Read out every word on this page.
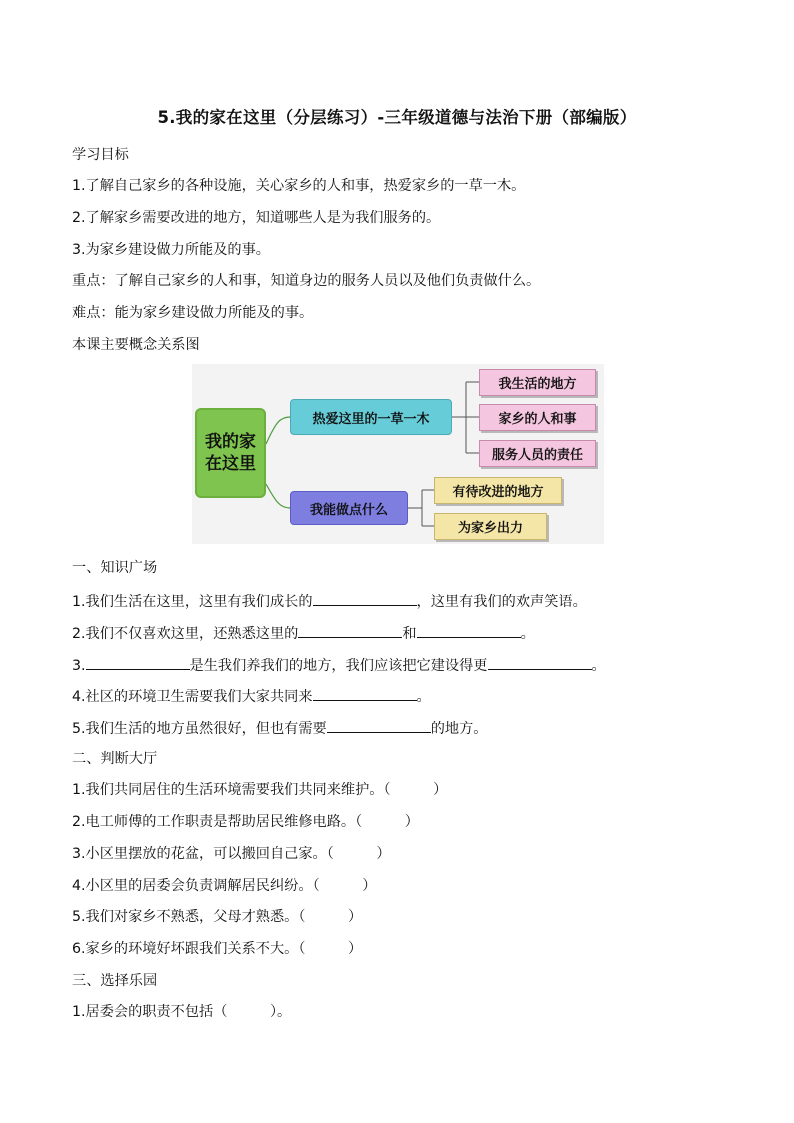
5.我的家在这里（分层练习）-三年级道德与法治下册（部编版）
学习目标
1.了解自己家乡的各种设施，关心家乡的人和事，热爱家乡的一草一木。
2.了解家乡需要改进的地方，知道哪些人是为我们服务的。
3.为家乡建设做力所能及的事。
重点：了解自己家乡的人和事，知道身边的服务人员以及他们负责做什么。
难点：能为家乡建设做力所能及的事。
本课主要概念关系图
我的家在这里
热爱这里的一草一木
我能做点什么
我生活的地方
家乡的人和事
服务人员的责任
有待改进的地方
为家乡出力
一、知识广场
1.我们生活在这里，这里有我们成长的	，这里有我们的欢声笑语。
2.我们不仅喜欢这里，还熟悉这里的	和	。
3.	是生我们养我们的地方，我们应该把它建设得更	。
4.社区的环境卫生需要我们大家共同来	。
5.我们生活的地方虽然很好，但也有需要	的地方。
二、判断大厅
1.我们共同居住的生活环境需要我们共同来维护。（　　　）
2.电工师傅的工作职责是帮助居民维修电路。（　　　）
3.小区里摆放的花盆，可以搬回自己家。（　　　）
4.小区里的居委会负责调解居民纠纷。（　　　）
5.我们对家乡不熟悉，父母才熟悉。（　　　）
6.家乡的环境好坏跟我们关系不大。（　　　）
三、选择乐园
1.居委会的职责不包括（　　　）。
